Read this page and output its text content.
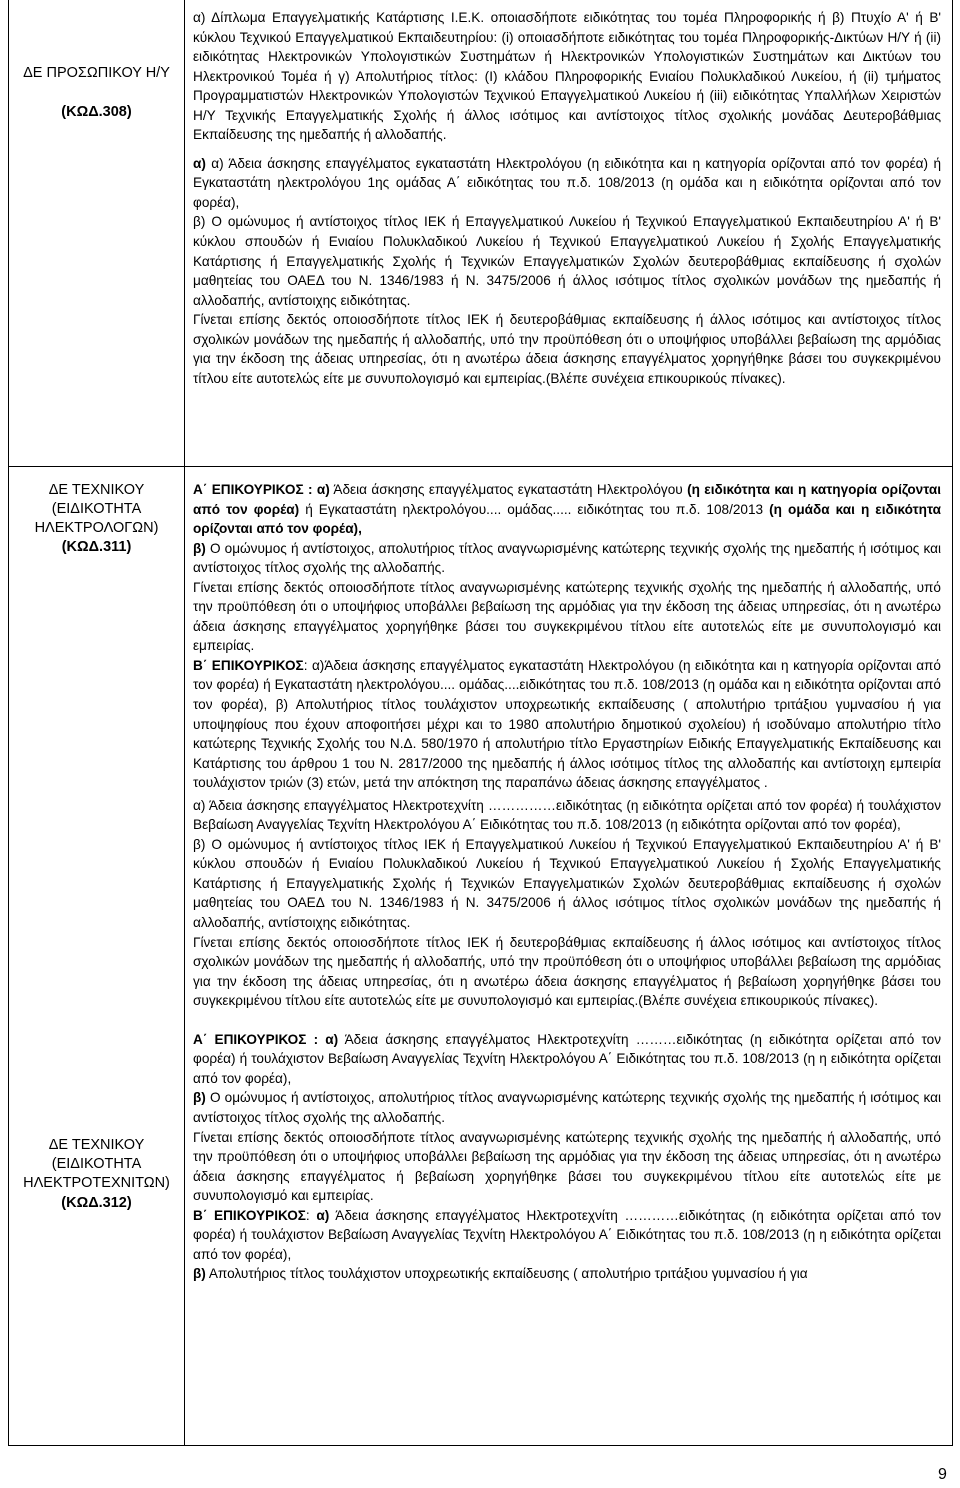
ΔΕ ΠΡΟΣΩΠΙΚΟΥ Η/Υ
(ΚΩΔ.308)

α) Δίπλωμα Επαγγελματικής Κατάρτισης Ι.Ε.Κ. οποιασδήποτε ειδικότητας του τομέα Πληροφορικής ή β) Πτυχίο Α' ή Β' κύκλου Τεχνικού Επαγγελματικού Εκπαιδευτηρίου: (i) οποιασδήποτε ειδικότητας του τομέα Πληροφορικής-Δικτύων Η/Υ ή (ii) ειδικότητας Ηλεκτρονικών Υπολογιστικών Συστημάτων ή Ηλεκτρονικών Υπολογιστικών Συστημάτων και Δικτύων του Ηλεκτρονικού Τομέα ή γ) Απολυτήριος τίτλος: (I) κλάδου Πληροφορικής Ενιαίου Πολυκλαδικού Λυκείου, ή (ii) τμήματος Προγραμματιστών Ηλεκτρονικών Υπολογιστών Τεχνικού Επαγγελματικού Λυκείου ή (iii) ειδικότητας Υπαλλήλων Χειριστών Η/Υ Τεχνικής Επαγγελματικής Σχολής ή άλλος ισότιμος και αντίστοιχος τίτλος σχολικής μονάδας Δευτεροβάθμιας Εκπαίδευσης της ημεδαπής ή αλλοδαπής.

α) α) Άδεια άσκησης επαγγέλματος εγκαταστάτη Ηλεκτρολόγου (η ειδικότητα και η κατηγορία ορίζονται από τον φορέα) ή Εγκαταστάτη ηλεκτρολόγου 1ης ομάδας Α΄ ειδικότητας του π.δ. 108/2013 (η ομάδα και η ειδικότητα ορίζονται από τον φορέα),

β) Ο ομώνυμος ή αντίστοιχος τίτλος ΙΕΚ ή Επαγγελματικού Λυκείου ή Τεχνικού Επαγγελματικού Εκπαιδευτηρίου Α' ή Β' κύκλου σπουδών ή Ενιαίου Πολυκλαδικού Λυκείου ή Τεχνικού Επαγγελματικού Λυκείου ή Σχολής Επαγγελματικής Κατάρτισης ή Επαγγελματικής Σχολής ή Τεχνικών Επαγγελματικών Σχολών δευτεροβάθμιας εκπαίδευσης ή σχολών μαθητείας του ΟΑΕΔ του Ν. 1346/1983 ή Ν. 3475/2006 ή άλλος ισότιμος τίτλος σχολικών μονάδων της ημεδαπής ή αλλοδαπής, αντίστοιχης ειδικότητας.

Γίνεται επίσης δεκτός οποιοσδήποτε τίτλος ΙΕΚ ή δευτεροβάθμιας εκπαίδευσης ή άλλος ισότιμος και αντίστοιχος τίτλος σχολικών μονάδων της ημεδαπής ή αλλοδαπής, υπό την προϋπόθεση ότι ο υποψήφιος υποβάλλει βεβαίωση της αρμόδιας για την έκδοση της άδειας υπηρεσίας, ότι η ανωτέρω άδεια άσκησης επαγγέλματος χορηγήθηκε βάσει του συγκεκριμένου τίτλου είτε αυτοτελώς είτε με συνυπολογισμό και εμπειρίας.(Βλέπε συνέχεια επικουρικούς πίνακες).

ΔΕ ΤΕΧΝΙΚΟΥ (ΕΙΔΙΚΟΤΗΤΑ ΗΛΕΚΤΡΟΛΟΓΩΝ)
(ΚΩΔ.311)
ΔΕ ΤΕΧΝΙΚΟΥ (ΕΙΔΙΚΟΤΗΤΑ ΗΛΕΚΤΡΟΤΕΧΝΙΤΩΝ)
(ΚΩΔ.312)

Α΄ ΕΠΙΚΟΥΡΙΚΟΣ : α) Άδεια άσκησης επαγγέλματος εγκαταστάτη Ηλεκτρολόγου (η ειδικότητα και η κατηγορία ορίζονται από τον φορέα) ή Εγκαταστάτη ηλεκτρολόγου.... ομάδας..... ειδικότητας του π.δ. 108/2013 (η ομάδα και η ειδικότητα ορίζονται από τον φορέα),

β) Ο ομώνυμος ή αντίστοιχος, απολυτήριος τίτλος αναγνωρισμένης κατώτερης τεχνικής σχολής της ημεδαπής ή ισότιμος και αντίστοιχος τίτλος σχολής της αλλοδαπής.

Γίνεται επίσης δεκτός οποιοσδήποτε τίτλος αναγνωρισμένης κατώτερης τεχνικής σχολής της ημεδαπής ή αλλοδαπής, υπό την προϋπόθεση ότι ο υποψήφιος υποβάλλει βεβαίωση της αρμόδιας για την έκδοση της άδειας υπηρεσίας, ότι η ανωτέρω άδεια άσκησης επαγγέλματος χορηγήθηκε βάσει του συγκεκριμένου τίτλου είτε αυτοτελώς είτε με συνυπολογισμό και εμπειρίας.

Β΄ ΕΠΙΚΟΥΡΙΚΟΣ: α)Άδεια άσκησης επαγγέλματος εγκαταστάτη Ηλεκτρολόγου (η ειδικότητα και η κατηγορία ορίζονται από τον φορέα) ή Εγκαταστάτη ηλεκτρολόγου.... ομάδας....ειδικότητας του π.δ. 108/2013 (η ομάδα και η ειδικότητα ορίζονται από τον φορέα), β) Απολυτήριος τίτλος τουλάχιστον υποχρεωτικής εκπαίδευσης ( απολυτήριο τριτάξιου γυμνασίου ή για υποψηφίους που έχουν αποφοιτήσει μέχρι και το 1980 απολυτήριο δημοτικού σχολείου) ή ισοδύναμο απολυτήριο τίτλο κατώτερης Τεχνικής Σχολής του Ν.Δ. 580/1970 ή απολυτήριο τίτλο Εργαστηρίων Ειδικής Επαγγελματικής Εκπαίδευσης και Κατάρτισης του άρθρου 1 του Ν. 2817/2000 της ημεδαπής ή άλλος ισότιμος τίτλος της αλλοδαπής και αντίστοιχη εμπειρία τουλάχιστον τριών (3) ετών, μετά την απόκτηση της παραπάνω άδειας άσκησης επαγγέλματος .

α) Άδεια άσκησης επαγγέλματος Ηλεκτροτεχνίτη ……………ειδικότητας (η ειδικότητα ορίζεται από τον φορέα) ή τουλάχιστον Βεβαίωση Αναγγελίας Τεχνίτη Ηλεκτρολόγου Α΄ Ειδικότητας του π.δ. 108/2013 (η ειδικότητα ορίζονται από τον φορέα),

β) Ο ομώνυμος ή αντίστοιχος τίτλος ΙΕΚ ή Επαγγελματικού Λυκείου ή Τεχνικού Επαγγελματικού Εκπαιδευτηρίου Α' ή Β' κύκλου σπουδών ή Ενιαίου Πολυκλαδικού Λυκείου ή Τεχνικού Επαγγελματικού Λυκείου ή Σχολής Επαγγελματικής Κατάρτισης ή Επαγγελματικής Σχολής ή Τεχνικών Επαγγελματικών Σχολών δευτεροβάθμιας εκπαίδευσης ή σχολών μαθητείας του ΟΑΕΔ του Ν. 1346/1983 ή Ν. 3475/2006 ή άλλος ισότιμος τίτλος σχολικών μονάδων της ημεδαπής ή αλλοδαπής, αντίστοιχης ειδικότητας.

Γίνεται επίσης δεκτός οποιοσδήποτε τίτλος ΙΕΚ ή δευτεροβάθμιας εκπαίδευσης ή άλλος ισότιμος και αντίστοιχος τίτλος σχολικών μονάδων της ημεδαπής ή αλλοδαπής, υπό την προϋπόθεση ότι ο υποψήφιος υποβάλλει βεβαίωση της αρμόδιας για την έκδοση της άδειας υπηρεσίας, ότι η ανωτέρω άδεια άσκησης επαγγέλματος ή βεβαίωση χορηγήθηκε βάσει του συγκεκριμένου τίτλου είτε αυτοτελώς είτε με συνυπολογισμό και εμπειρίας.(Βλέπε συνέχεια επικουρικούς πίνακες).

Α΄ ΕΠΙΚΟΥΡΙΚΟΣ : α) Άδεια άσκησης επαγγέλματος Ηλεκτροτεχνίτη ………ειδικότητας (η ειδικότητα ορίζεται από τον φορέα) ή τουλάχιστον Βεβαίωση Αναγγελίας Τεχνίτη Ηλεκτρολόγου Α΄ Ειδικότητας του π.δ. 108/2013 (η η ειδικότητα ορίζεται από τον φορέα),

β) Ο ομώνυμος ή αντίστοιχος, απολυτήριος τίτλος αναγνωρισμένης κατώτερης τεχνικής σχολής της ημεδαπής ή ισότιμος και αντίστοιχος τίτλος σχολής της αλλοδαπής.

Γίνεται επίσης δεκτός οποιοσδήποτε τίτλος αναγνωρισμένης κατώτερης τεχνικής σχολής της ημεδαπής ή αλλοδαπής, υπό την προϋπόθεση ότι ο υποψήφιος υποβάλλει βεβαίωση της αρμόδιας για την έκδοση της άδειας υπηρεσίας, ότι η ανωτέρω άδεια άσκησης επαγγέλματος ή βεβαίωση χορηγήθηκε βάσει του συγκεκριμένου τίτλου είτε αυτοτελώς είτε με συνυπολογισμό και εμπειρίας.

Β΄ ΕΠΙΚΟΥΡΙΚΟΣ: α) Άδεια άσκησης επαγγέλματος Ηλεκτροτεχνίτη …………ειδικότητας (η ειδικότητα ορίζεται από τον φορέα) ή τουλάχιστον Βεβαίωση Αναγγελίας Τεχνίτη Ηλεκτρολόγου Α΄ Ειδικότητας του π.δ. 108/2013 (η η ειδικότητα ορίζεται από τον φορέα),

β) Απολυτήριος τίτλος τουλάχιστον υποχρεωτικής εκπαίδευσης ( απολυτήριο τριτάξιου γυμνασίου ή για

9
